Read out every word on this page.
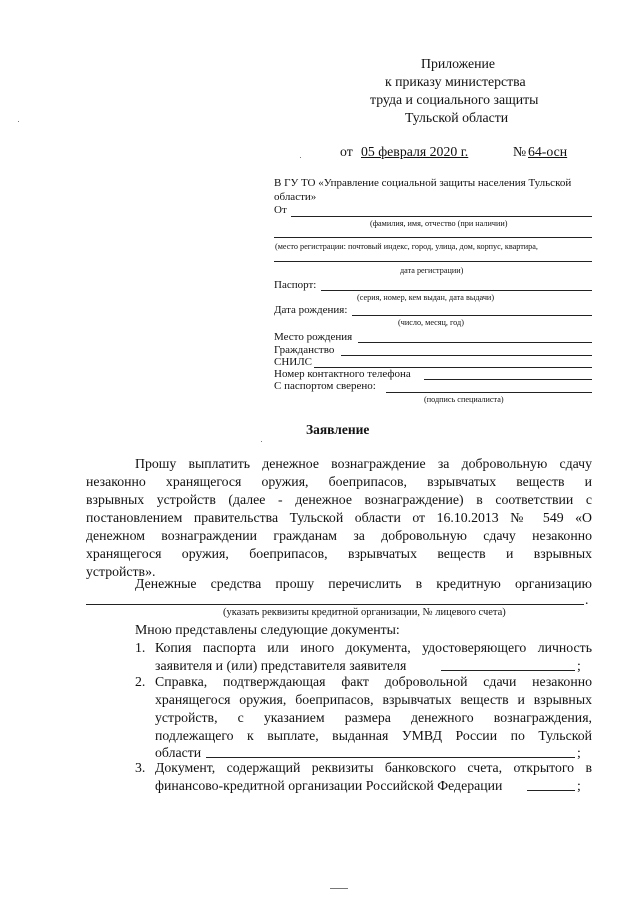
Приложение
к приказу министерства
труда и социального защиты
Тульской области
от 05 февраля 2020 г.	№ 64-осн
В ГУ ТО «Управление социальной защиты населения Тульской
области»
От
(фамилия, имя, отчество (при наличии)
(место регистрации: почтовый индекс, город, улица, дом, корпус, квартира,
дата регистрации)
Паспорт:
(серия, номер, кем выдан, дата выдачи)
Дата рождения:
(число, месяц, год)
Место рождения
Гражданство
СНИЛС
Номер контактного телефона
С паспортом сверено:
(подпись специалиста)
Заявление
Прошу выплатить денежное вознаграждение за добровольную сдачу
незаконно хранящегося оружия, боеприпасов, взрывчатых веществ и
взрывных устройств (далее - денежное вознаграждение) в соответствии с
постановлением правительства Тульской области от 16.10.2013 № 549 «О
денежном вознаграждении гражданам за добровольную сдачу незаконно
хранящегося оружия, боеприпасов, взрывчатых веществ и взрывных
устройств».
Денежные средства прошу перечислить в кредитную организацию
.
(указать реквизиты кредитной организации, № лицевого счета)
Мною представлены следующие документы:
1. Копия паспорта или иного документа, удостоверяющего личность
заявителя и (или) представителя заявителя	;
2. Справка, подтверждающая факт добровольной сдачи незаконно
хранящегося оружия, боеприпасов, взрывчатых веществ и взрывных
устройств, с указанием размера денежного вознаграждения,
подлежащего к выплате, выданная УМВД России по Тульской
области	;
3. Документ, содержащий реквизиты банковского счета, открытого в
финансово-кредитной организации Российской Федерации	;
